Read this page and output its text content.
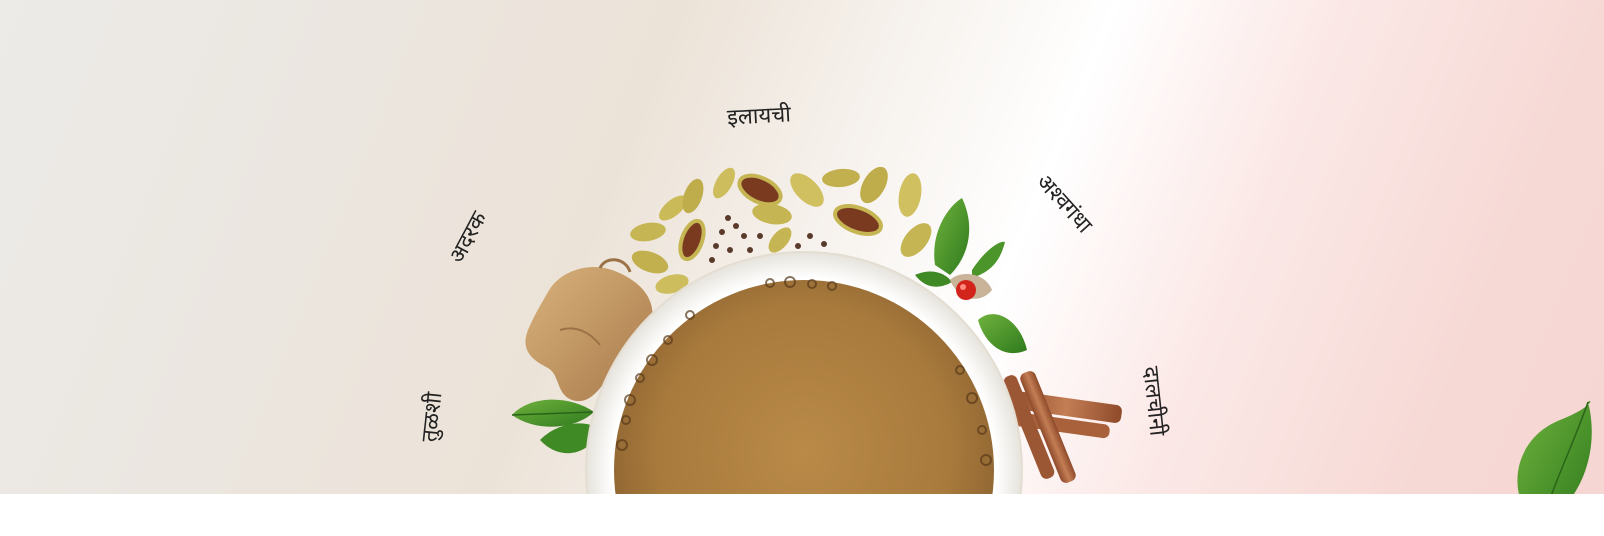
तुळशी
अदरक
इलायची
अश्वगंधा
दालचीनी
